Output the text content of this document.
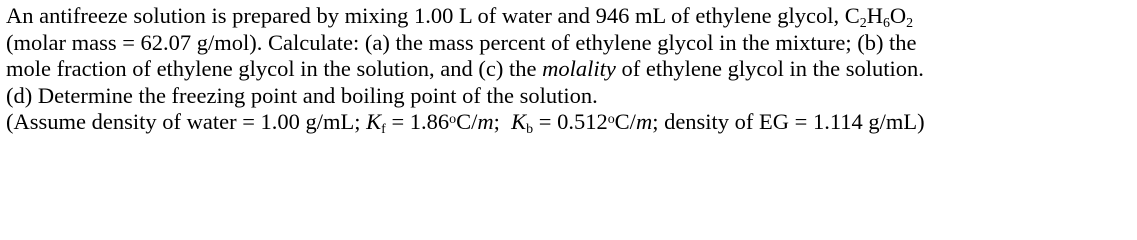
An antifreeze solution is prepared by mixing 1.00 L of water and 946 mL of ethylene glycol, $C_2H_6O_2$
(molar mass = 62.07 g/mol). Calculate: (a) the mass percent of ethylene glycol in the mixture; (b) the
mole fraction of ethylene glycol in the solution, and (c) the molality of ethylene glycol in the solution.
(d) Determine the freezing point and boiling point of the solution.
(Assume density of water = 1.00 g/mL; $K_f = 1.86^oC/m$;  $K_b = 0.512^oC/m$; density of EG = 1.114 g/mL)
